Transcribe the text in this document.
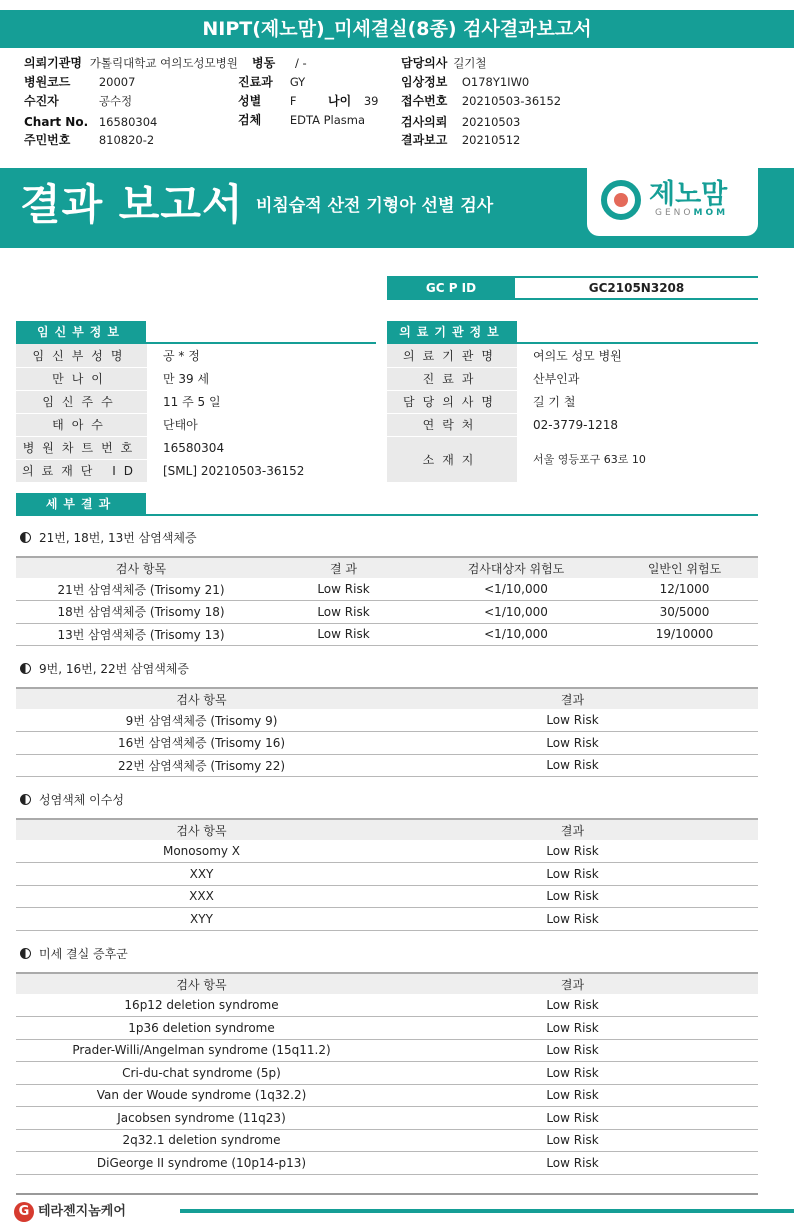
NIPT(제노맘)_미세결실(8종) 검사결과보고서
의뢰기관명 가톨릭대학교 여의도성모병원 병동 / -	담당의사 길기철
병원코드 20007	진료과 GY	임상정보 O178Y1IW0
수진자	공수정	성별 F	나이 39 접수번호 20210503-36152
Chart No. 16580304	검체 EDTA Plasma	검사의뢰 20210503
주민번호 810820-2	결과보고 20210512
결과 보고서 비침습적 산전 기형아 선별 검사	제노맘
GENOMOM
GC P ID	GC2105N3208
임신부정보
임신부성명	공 * 정
만나이	만 39 세
임신주수	11 주 5 일
태아수	단태아
병원차트번호	16580304
의료재단 ID	[SML] 20210503-36152
의료기관정보
의료기관명	여의도 성모 병원
진료과	산부인과
담당의사명	길 기 철
연락처	02-3779-1218
소재지	서울 영등포구 63로 10
세부결과
21번, 18번, 13번 삼염색체증
검사 항목	결 과	검사대상자 위험도	일반인 위험도
21번 삼염색체증 (Trisomy 21)	Low Risk	<1/10,000	12/1000
18번 삼염색체증 (Trisomy 18)	Low Risk	<1/10,000	30/5000
13번 삼염색체증 (Trisomy 13)	Low Risk	<1/10,000	19/10000
9번, 16번, 22번 삼염색체증
검사 항목	결과
9번 삼염색체증 (Trisomy 9)	Low Risk
16번 삼염색체증 (Trisomy 16)	Low Risk
22번 삼염색체증 (Trisomy 22)	Low Risk
성염색체 이수성
검사 항목	결과
Monosomy X	Low Risk
XXY	Low Risk
XXX	Low Risk
XYY	Low Risk
미세 결실 증후군
검사 항목	결과
16p12 deletion syndrome	Low Risk
1p36 deletion syndrome	Low Risk
Prader-Willi/Angelman syndrome (15q11.2)	Low Risk
Cri-du-chat syndrome (5p)	Low Risk
Van der Woude syndrome (1q32.2)	Low Risk
Jacobsen syndrome (11q23)	Low Risk
2q32.1 deletion syndrome	Low Risk
DiGeorge II syndrome (10p14-p13)	Low Risk
G 테라젠지놈케어
